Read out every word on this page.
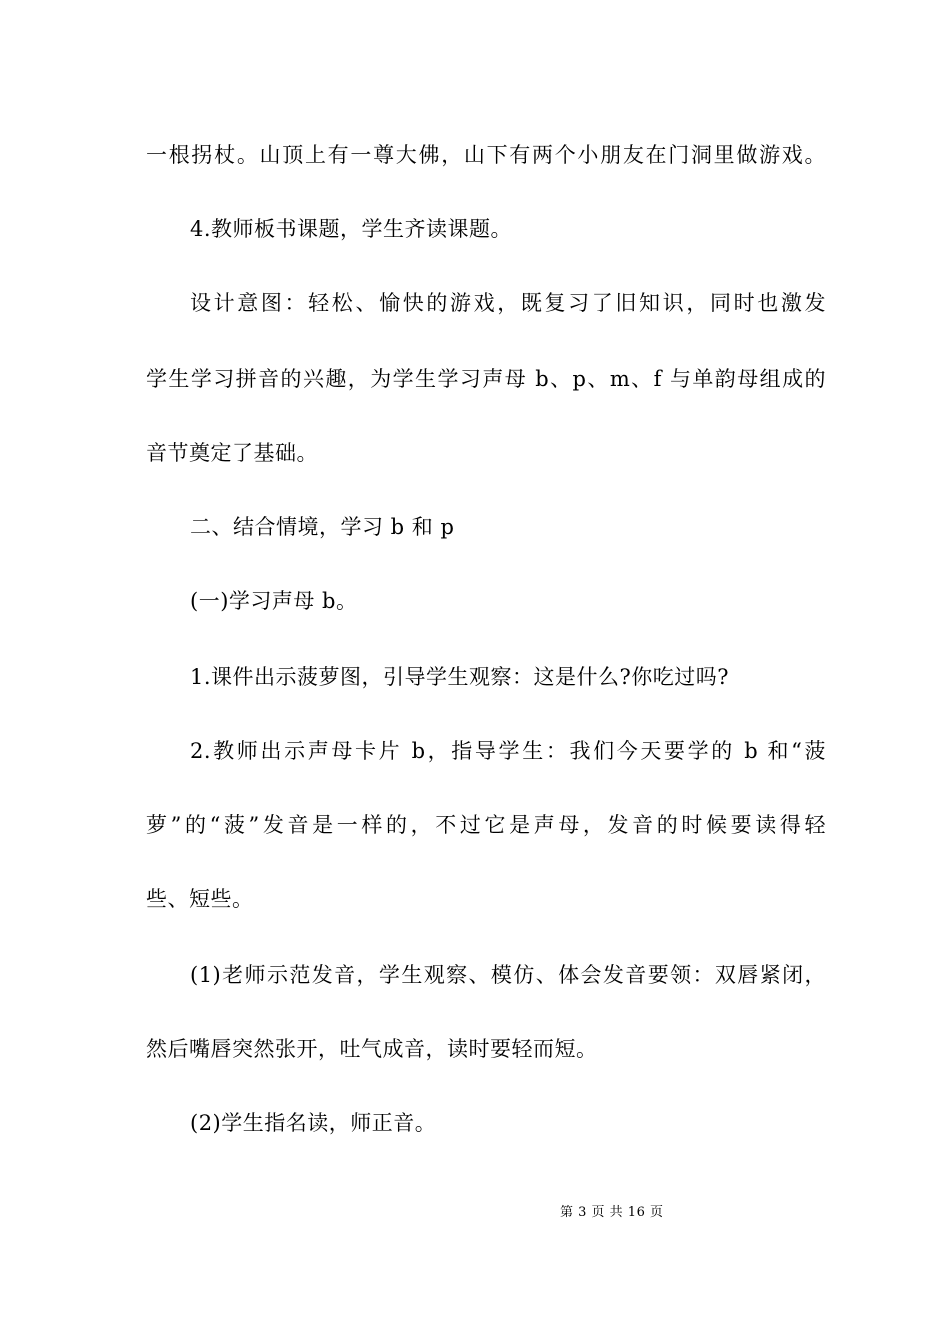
一根拐杖。山顶上有一尊大佛，山下有两个小朋友在门洞里做游戏。
4.教师板书课题，学生齐读课题。
设计意图：轻松、愉快的游戏，既复习了旧知识，同时也激发
学生学习拼音的兴趣，为学生学习声母 b、p、m、f 与单韵母组成的
音节奠定了基础。
二、结合情境，学习 b 和 p
(一)学习声母 b。
1.课件出示菠萝图，引导学生观察：这是什么?你吃过吗?
2.教师出示声母卡片 b，指导学生：我们今天要学的 b 和“菠
萝”的“菠”发音是一样的，不过它是声母，发音的时候要读得轻
些、短些。
(1)老师示范发音，学生观察、模仿、体会发音要领：双唇紧闭，
然后嘴唇突然张开，吐气成音，读时要轻而短。
(2)学生指名读，师正音。
第 3 页 共 16 页
